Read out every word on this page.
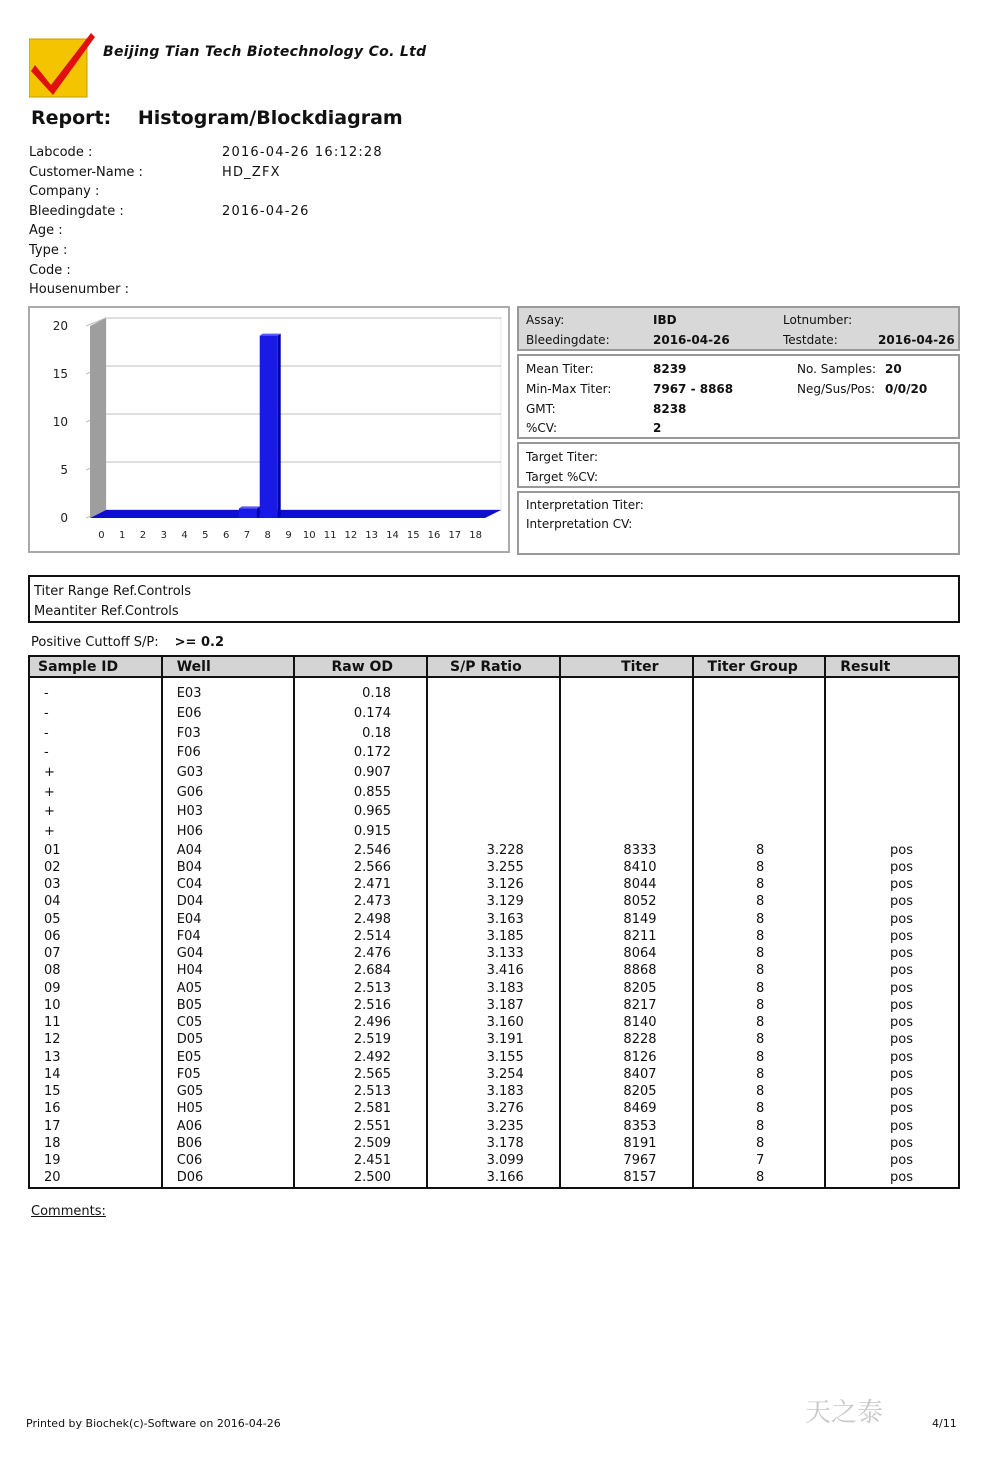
Beijing Tian Tech Biotechnology Co. Ltd
Report: Histogram/Blockdiagram
Labcode :	2016-04-26 16:12:28
Customer-Name :	HD_ZFX
Company :
Bleedingdate :	2016-04-26
Age :
Type :
Code :
Housenumber :
0
5
10
15
20
0 1 2 3 4 5 6 7 8 9 10 11 12 13 14 15 16 17 18
Assay:	IBD	Lotnumber:
Bleedingdate:	2016-04-26	Testdate:	2016-04-26
Mean Titer:	8239	No. Samples: 20
Min-Max Titer:	7967 - 8868	Neg/Sus/Pos: 0/0/20
GMT:	8238
%CV:	2
Target Titer:
Target %CV:
Interpretation Titer:
Interpretation CV:
Titer Range Ref.Controls
Meantiter Ref.Controls
Positive Cuttoff S/P: >= 0.2
Sample ID	Well	Raw OD	S/P Ratio	Titer	Titer Group	Result

-	E03	0.18				
-	E06	0.174				
-	F03	0.18				
-	F06	0.172				
+	G03	0.907				
+	G06	0.855				
+	H03	0.965				
+	H06	0.915				
01	A04	2.546	3.228	8333	8	pos
02	B04	2.566	3.255	8410	8	pos
03	C04	2.471	3.126	8044	8	pos
04	D04	2.473	3.129	8052	8	pos
05	E04	2.498	3.163	8149	8	pos
06	F04	2.514	3.185	8211	8	pos
07	G04	2.476	3.133	8064	8	pos
08	H04	2.684	3.416	8868	8	pos
09	A05	2.513	3.183	8205	8	pos
10	B05	2.516	3.187	8217	8	pos
11	C05	2.496	3.160	8140	8	pos
12	D05	2.519	3.191	8228	8	pos
13	E05	2.492	3.155	8126	8	pos
14	F05	2.565	3.254	8407	8	pos
15	G05	2.513	3.183	8205	8	pos
16	H05	2.581	3.276	8469	8	pos
17	A06	2.551	3.235	8353	8	pos
18	B06	2.509	3.178	8191	8	pos
19	C06	2.451	3.099	7967	7	pos
20	D06	2.500	3.166	8157	8	pos
Comments:
天之泰
Printed by Biochek(c)-Software on 2016-04-26	4/11
